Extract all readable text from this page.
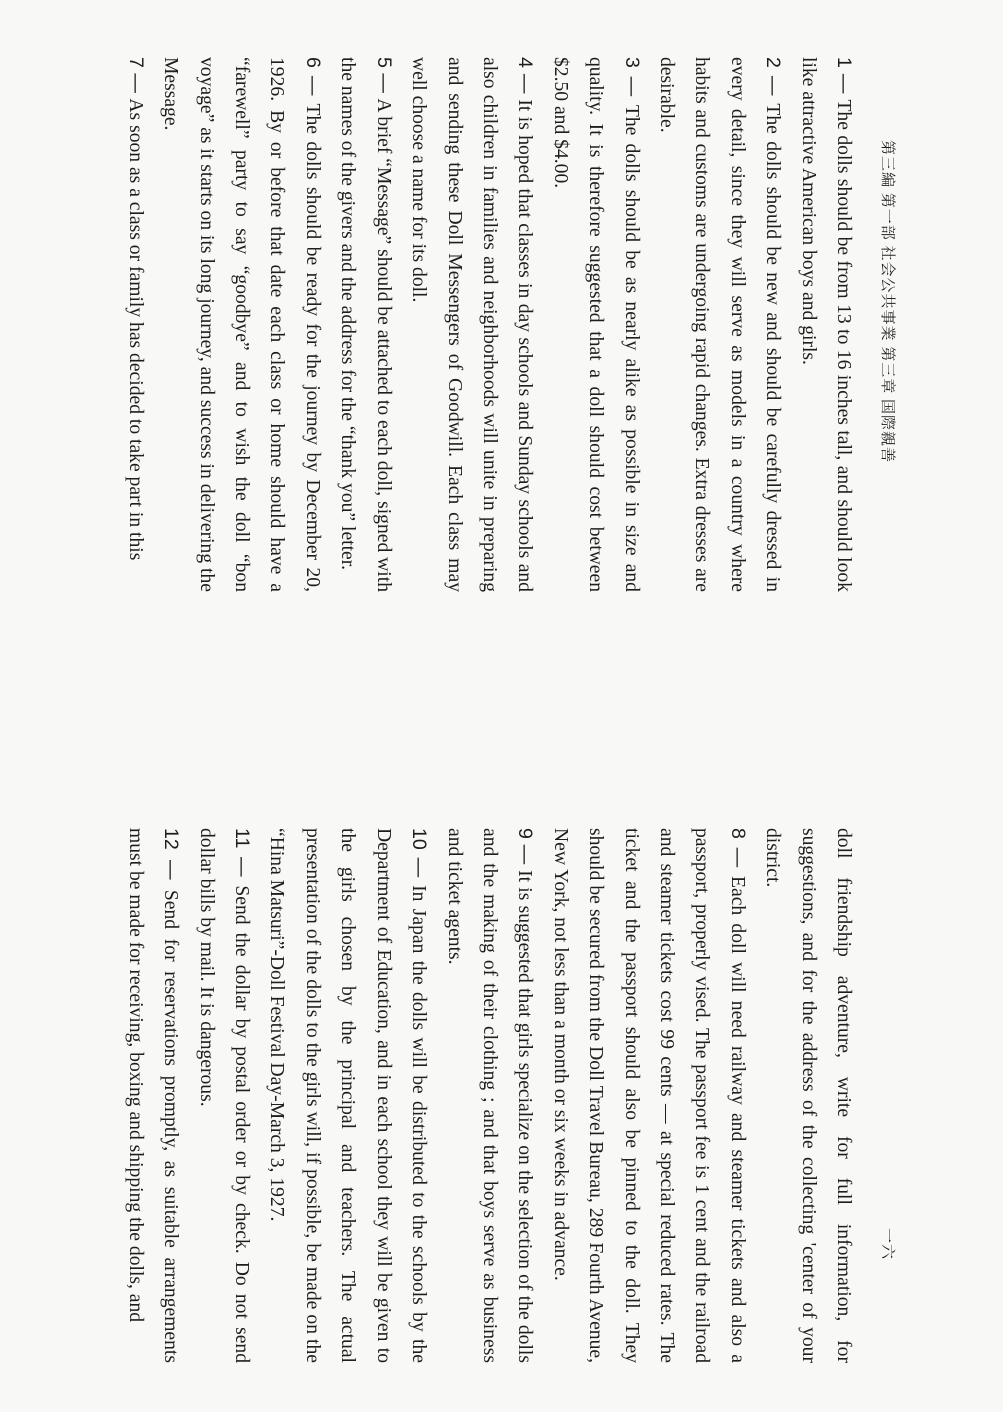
第三編 第一部 社会公共事業 第三章 国際親善
一六

1 — The dolls should be from 13 to 16 inches tall, and should look like attractive American boys and girls.

2 — The dolls should be new and should be carefully dressed in every detail, since they will serve as models in a country where habits and customs are undergoing rapid changes. Extra dresses are desirable.

3 — The dolls should be as nearly alike as possible in size and quality. It is therefore suggested that a doll should cost between $2.50 and $4.00.

4 — It is hoped that classes in day schools and Sunday schools and also children in families and neighborhoods will unite in preparing and sending these Doll Messengers of Goodwill. Each class may well choose a name for its doll.

5 — A brief “Message” should be attached to each doll, signed with the names of the givers and the address for the “thank you” letter.

6 — The dolls should be ready for the journey by December 20, 1926. By or before that date each class or home should have a “farewell” party to say “goodbye” and to wish the doll “bon voyage” as it starts on its long journey, and success in delivering the Message.

7 — As soon as a class or family has decided to take part in this

doll friendship adventure, write for full information, for suggestions, and for the address of the collecting 'center of your district.

8 — Each doll will need railway and steamer tickets and also a passport, properly vised. The passport fee is 1 cent and the railroad and steamer tickets cost 99 cents — at special reduced rates. The ticket and the passport should also be pinned to the doll. They should be secured from the Doll Travel Bureau, 289 Fourth Avenue, New York, not less than a month or six weeks in advance.

9 — It is suggested that girls specialize on the selection of the dolls and the making of their clothing ; and that boys serve as business and ticket agents.

10 — In Japan the dolls will be distributed to the schools by the Department of Education, and in each school they will be given to the girls chosen by the principal and teachers. The actual presentation of the dolls to the girls will, if possible, be made on the “Hina Matsuri”-Doll Festival Day-March 3, 1927.

11 — Send the dollar by postal order or by check. Do not send dollar bills by mail. It is dangerous.

12 — Send for reservations promptly, as suitable arrangements must be made for receiving, boxing and shipping the dolls, and
